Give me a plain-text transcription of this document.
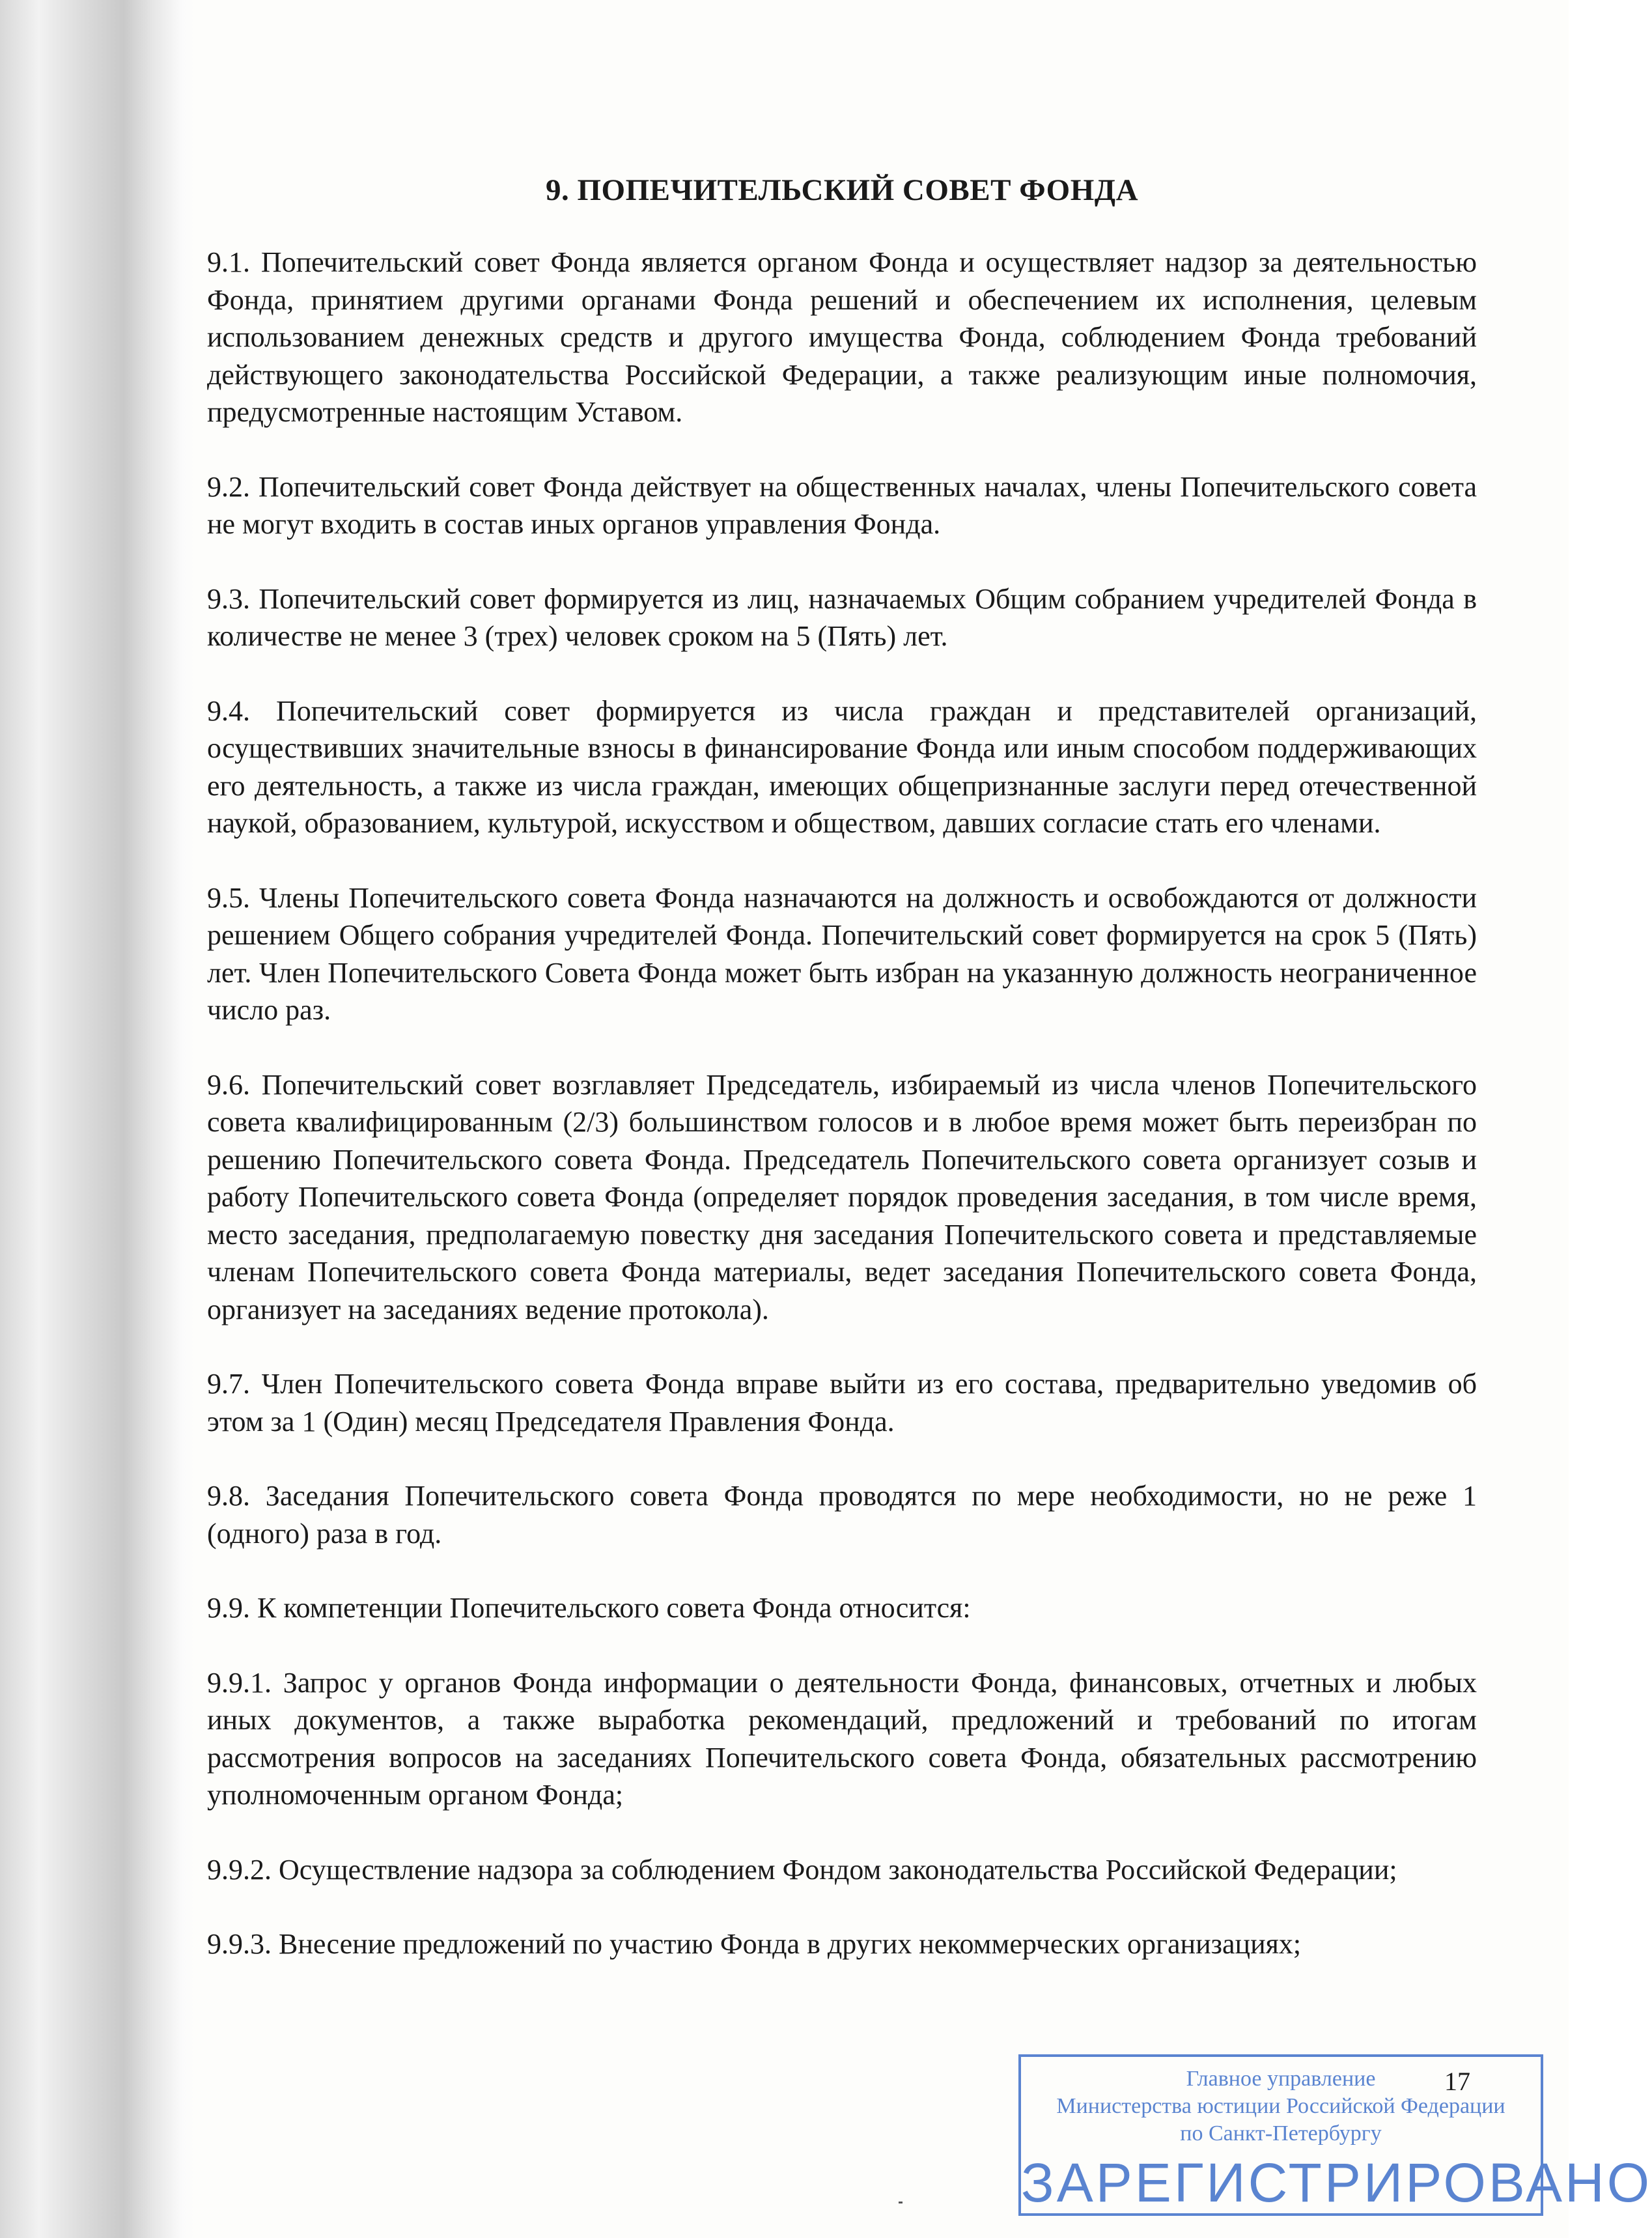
9. ПОПЕЧИТЕЛЬСКИЙ СОВЕТ ФОНДА

9.1. Попечительский совет Фонда является органом Фонда и осуществляет надзор за деятельностью Фонда, принятием другими органами Фонда решений и обеспечением их исполнения, целевым использованием денежных средств и другого имущества Фонда, соблюдением Фонда требований действующего законодательства Российской Федерации, а также реализующим иные полномочия, предусмотренные настоящим Уставом.

9.2. Попечительский совет Фонда действует на общественных началах, члены Попечительского совета не могут входить в состав иных органов управления Фонда.

9.3. Попечительский совет формируется из лиц, назначаемых Общим собранием учредителей Фонда в количестве не менее 3 (трех) человек сроком на 5 (Пять) лет.

9.4. Попечительский совет формируется из числа граждан и представителей организаций, осуществивших значительные взносы в финансирование Фонда или иным способом поддерживающих его деятельность, а также из числа граждан, имеющих общепризнанные заслуги перед отечественной наукой, образованием, культурой, искусством и обществом, давших согласие стать его членами.

9.5. Члены Попечительского совета Фонда назначаются на должность и освобождаются от должности решением Общего собрания учредителей Фонда. Попечительский совет формируется на срок 5 (Пять) лет. Член Попечительского Совета Фонда может быть избран на указанную должность неограниченное число раз.

9.6. Попечительский совет возглавляет Председатель, избираемый из числа членов Попечительского совета квалифицированным (2/3) большинством голосов и в любое время может быть переизбран по решению Попечительского совета Фонда. Председатель Попечительского совета организует созыв и работу Попечительского совета Фонда (определяет порядок проведения заседания, в том числе время, место заседания, предполагаемую повестку дня заседания Попечительского совета и представляемые членам Попечительского совета Фонда материалы, ведет заседания Попечительского совета Фонда, организует на заседаниях ведение протокола).

9.7. Член Попечительского совета Фонда вправе выйти из его состава, предварительно уведомив об этом за 1 (Один) месяц Председателя Правления Фонда.

9.8. Заседания Попечительского совета Фонда проводятся по мере необходимости, но не реже 1 (одного) раза в год.

9.9. К компетенции Попечительского совета Фонда относится:

9.9.1. Запрос у органов Фонда информации о деятельности Фонда, финансовых, отчетных и любых иных документов, а также выработка рекомендаций, предложений и требований по итогам рассмотрения вопросов на заседаниях Попечительского совета Фонда, обязательных рассмотрению уполномоченным органом Фонда;

9.9.2. Осуществление надзора за соблюдением Фондом законодательства Российской Федерации;

9.9.3. Внесение предложений по участию Фонда в других некоммерческих организациях;

Главное управление
Министерства юстиции Российской Федерации
по Санкт-Петербургу
ЗАРЕГИСТРИРОВАНО
17
